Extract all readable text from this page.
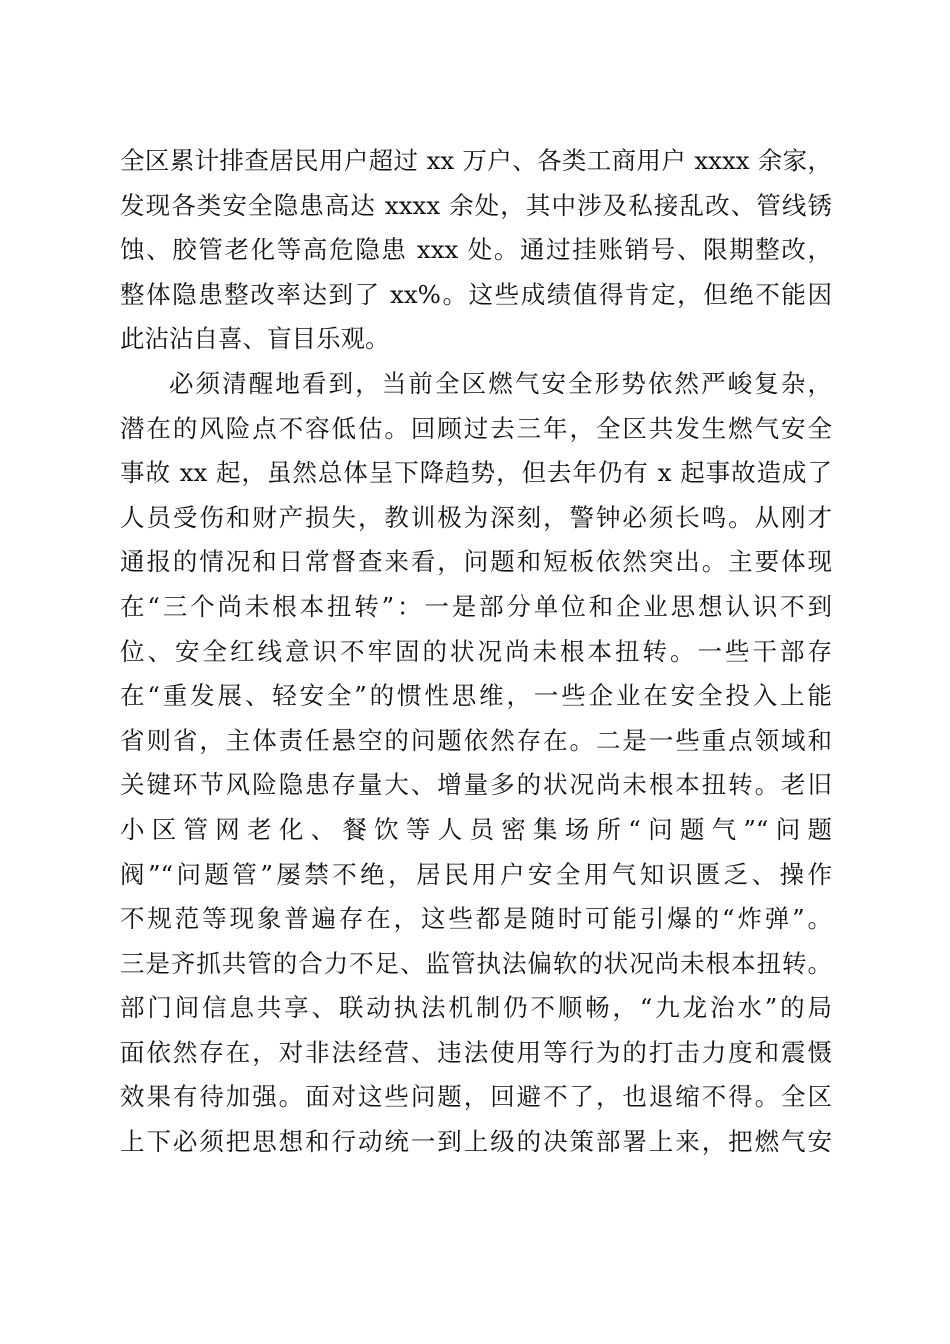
全区累计排查居民用户超过 xx 万户、各类工商用户 xxxx 余家，
发现各类安全隐患高达 xxxx 余处，其中涉及私接乱改、管线锈
蚀、胶管老化等高危隐患 xxx 处。通过挂账销号、限期整改，
整体隐患整改率达到了 xx%。这些成绩值得肯定，但绝不能因
此沾沾自喜、盲目乐观。
必须清醒地看到，当前全区燃气安全形势依然严峻复杂，
潜在的风险点不容低估。回顾过去三年，全区共发生燃气安全
事故 xx 起，虽然总体呈下降趋势，但去年仍有 x 起事故造成了
人员受伤和财产损失，教训极为深刻，警钟必须长鸣。从刚才
通报的情况和日常督查来看，问题和短板依然突出。主要体现
在“三个尚未根本扭转”：一是部分单位和企业思想认识不到
位、安全红线意识不牢固的状况尚未根本扭转。一些干部存
在“重发展、轻安全”的惯性思维，一些企业在安全投入上能
省则省，主体责任悬空的问题依然存在。二是一些重点领域和
关键环节风险隐患存量大、增量多的状况尚未根本扭转。老旧
小区管网老化、餐饮等人员密集场所“问题气”“问题
阀”“问题管”屡禁不绝，居民用户安全用气知识匮乏、操作
不规范等现象普遍存在，这些都是随时可能引爆的“炸弹”。
三是齐抓共管的合力不足、监管执法偏软的状况尚未根本扭转。
部门间信息共享、联动执法机制仍不顺畅，“九龙治水”的局
面依然存在，对非法经营、违法使用等行为的打击力度和震慑
效果有待加强。面对这些问题，回避不了，也退缩不得。全区
上下必须把思想和行动统一到上级的决策部署上来，把燃气安
